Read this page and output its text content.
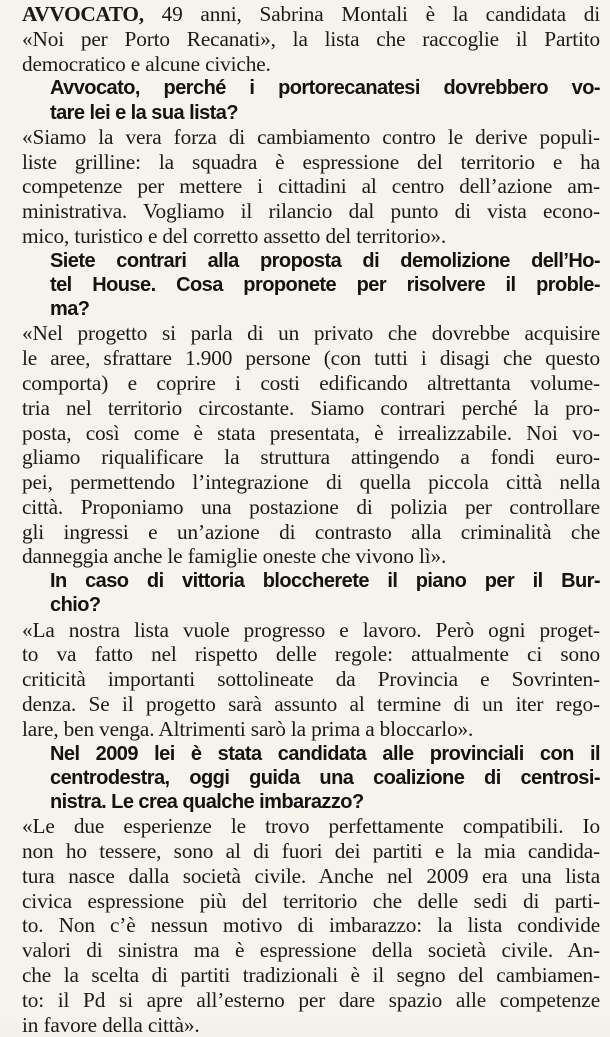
AVVOCATO, 49 anni, Sabrina Montali è la candidata di
«Noi per Porto Recanati», la lista che raccoglie il Partito
democratico e alcune civiche.
Avvocato, perché i portorecanatesi dovrebbero vo-
tare lei e la sua lista?
«Siamo la vera forza di cambiamento contro le derive populi-
liste grilline: la squadra è espressione del territorio e ha
competenze per mettere i cittadini al centro dell’azione am-
ministrativa. Vogliamo il rilancio dal punto di vista econo-
mico, turistico e del corretto assetto del territorio».
Siete contrari alla proposta di demolizione dell’Ho-
tel House. Cosa proponete per risolvere il proble-
ma?
«Nel progetto si parla di un privato che dovrebbe acquisire
le aree, sfrattare 1.900 persone (con tutti i disagi che questo
comporta) e coprire i costi edificando altrettanta volume-
tria nel territorio circostante. Siamo contrari perché la pro-
posta, così come è stata presentata, è irrealizzabile. Noi vo-
gliamo riqualificare la struttura attingendo a fondi euro-
pei, permettendo l’integrazione di quella piccola città nella
città. Proponiamo una postazione di polizia per controllare
gli ingressi e un’azione di contrasto alla criminalità che
danneggia anche le famiglie oneste che vivono lì».
In caso di vittoria bloccherete il piano per il Bur-
chio?
«La nostra lista vuole progresso e lavoro. Però ogni proget-
to va fatto nel rispetto delle regole: attualmente ci sono
criticità importanti sottolineate da Provincia e Sovrinten-
denza. Se il progetto sarà assunto al termine di un iter rego-
lare, ben venga. Altrimenti sarò la prima a bloccarlo».
Nel 2009 lei è stata candidata alle provinciali con il
centrodestra, oggi guida una coalizione di centrosi-
nistra. Le crea qualche imbarazzo?
«Le due esperienze le trovo perfettamente compatibili. Io
non ho tessere, sono al di fuori dei partiti e la mia candida-
tura nasce dalla società civile. Anche nel 2009 era una lista
civica espressione più del territorio che delle sedi di parti-
to. Non c’è nessun motivo di imbarazzo: la lista condivide
valori di sinistra ma è espressione della società civile. An-
che la scelta di partiti tradizionali è il segno del cambiamen-
to: il Pd si apre all’esterno per dare spazio alle competenze
in favore della città».
